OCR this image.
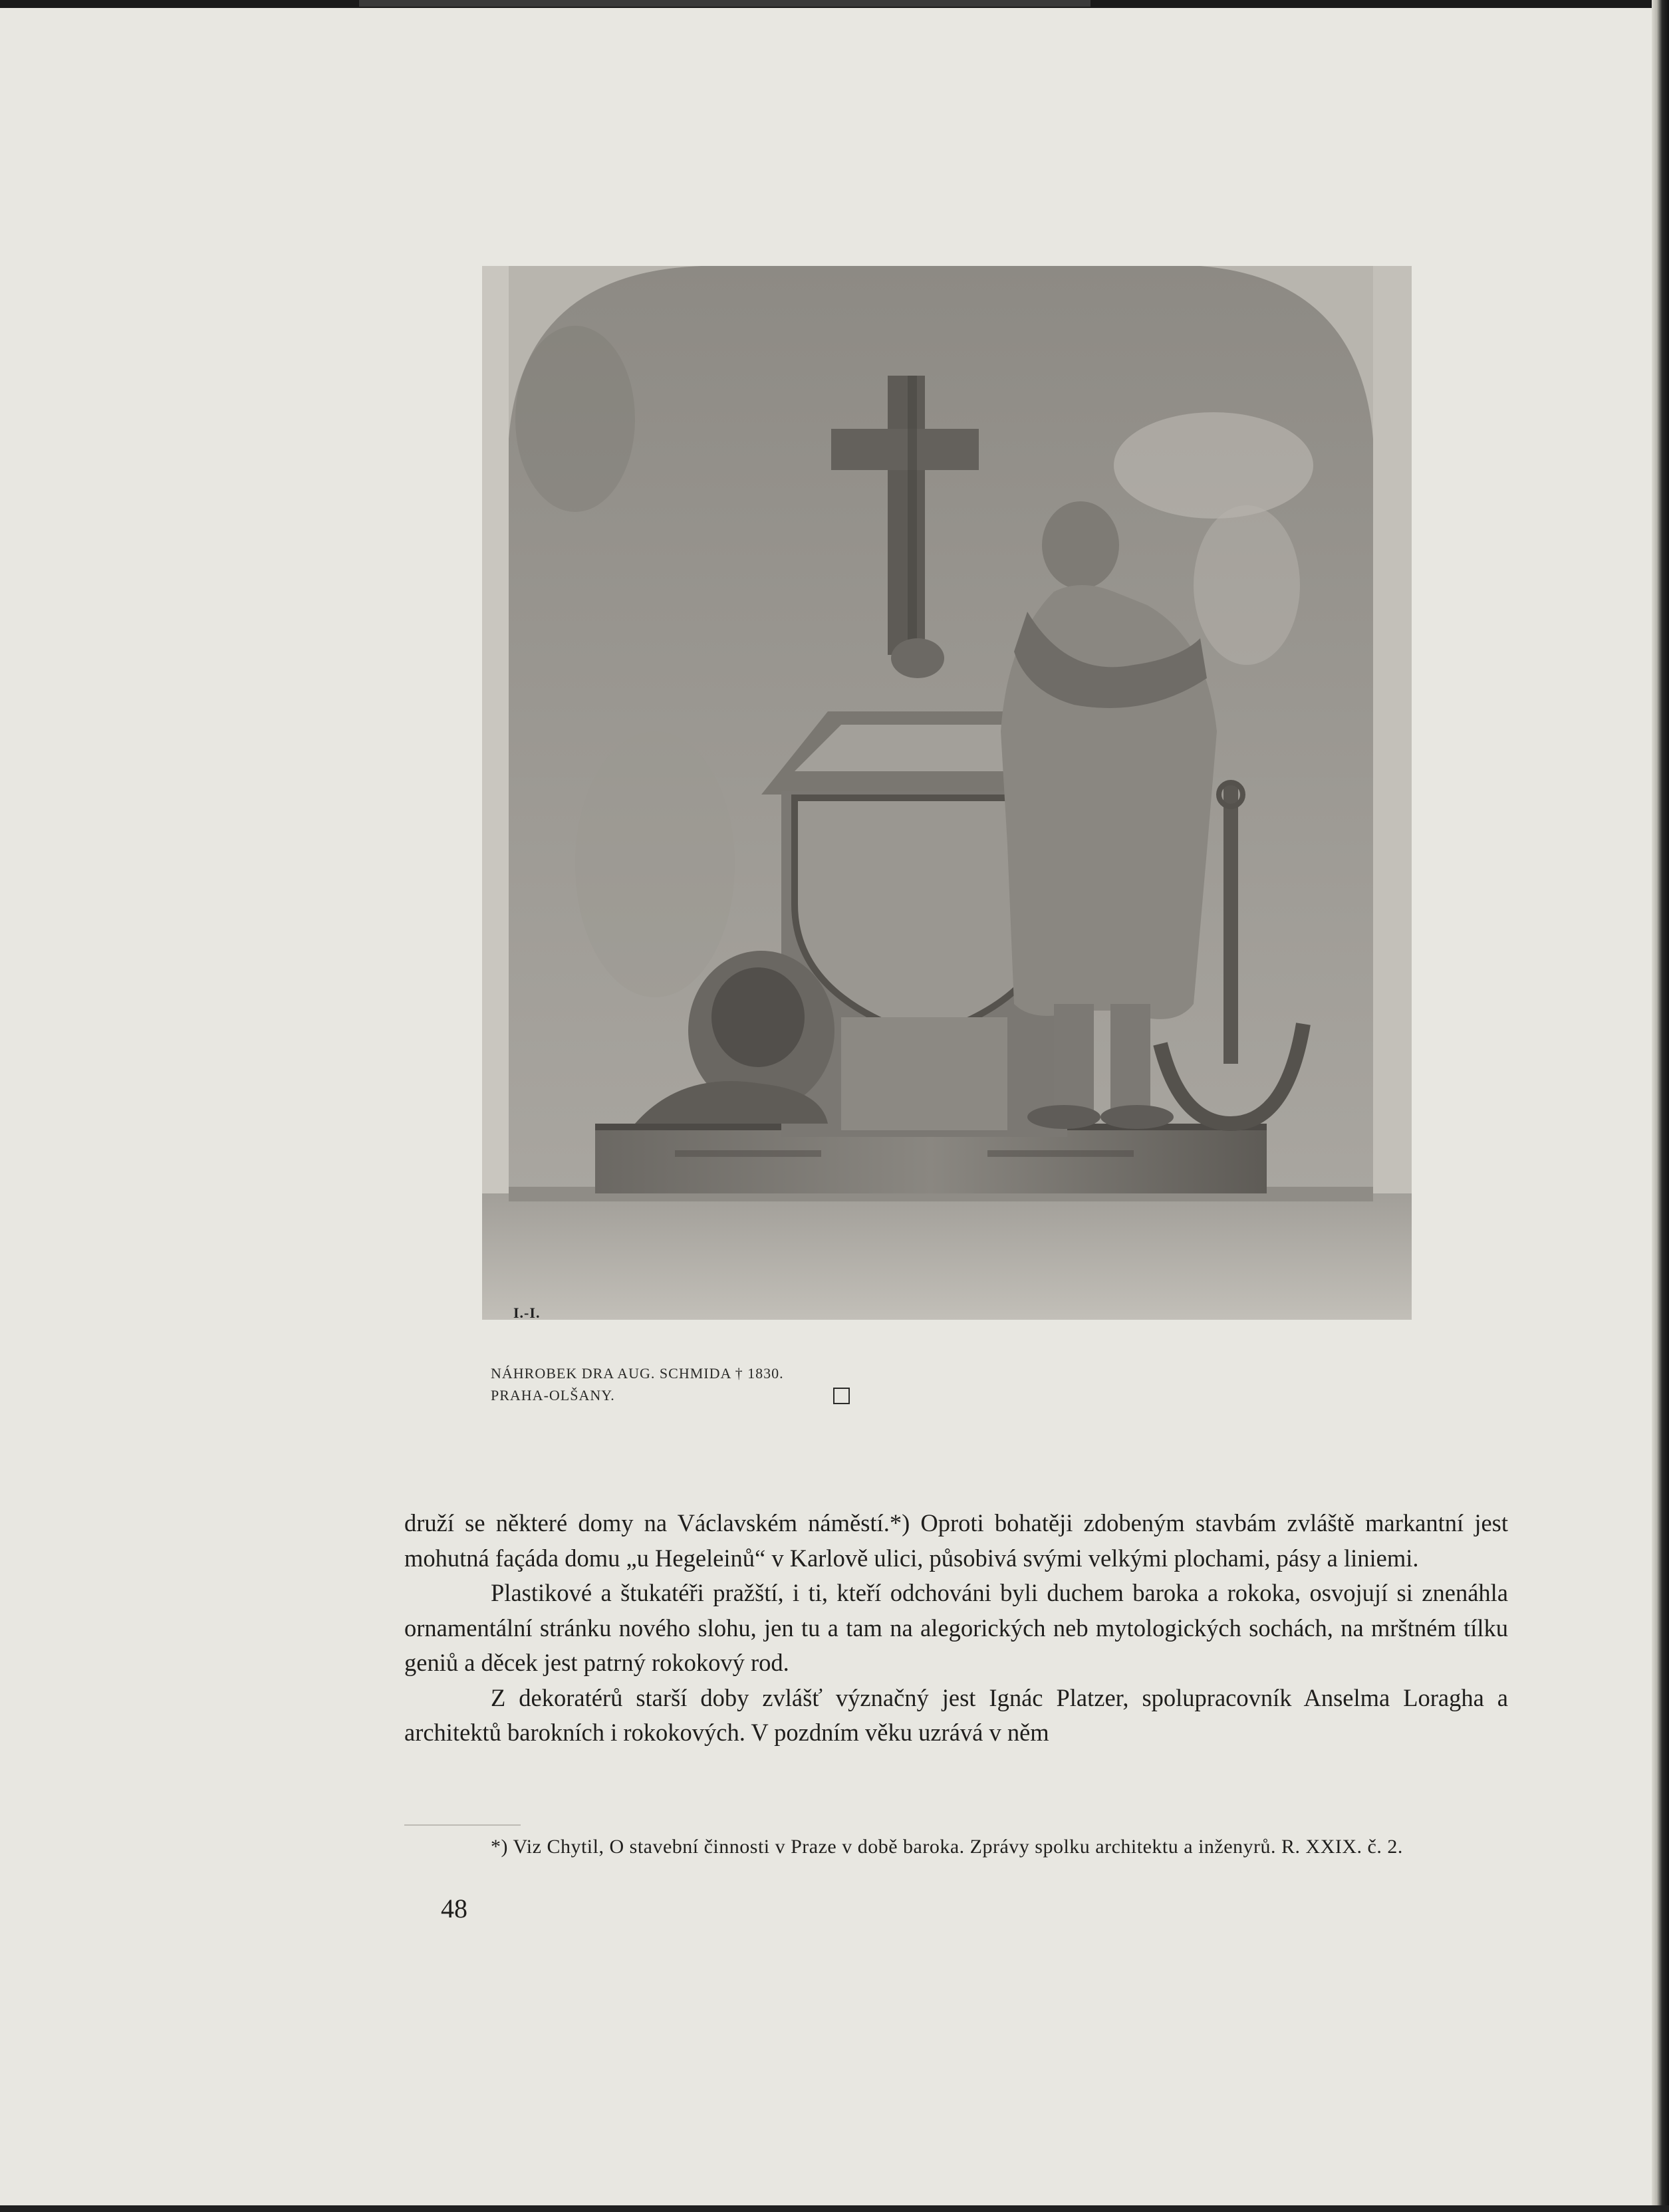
I.-I.
NÁHROBEK DRA AUG. SCHMIDA † 1830.
PRAHA-OLŠANY.

druží se některé domy na Václavském náměstí.*) Oproti bohatěji zdobeným stavbám zvláště markantní jest mohutná façáda domu „u Hegeleinů“ v Karlově ulici, působivá svými velkými plochami, pásy a liniemi.

Plastikové a štukatéři pražští, i ti, kteří odchováni byli duchem baroka a rokoka, osvojují si znenáhla ornamentální stránku nového slohu, jen tu a tam na alegorických neb mytologických sochách, na mrštném tílku geniů a děcek jest patrný rokokový rod.

Z dekoratérů starší doby zvlášť význačný jest Ignác Platzer, spolupracovník Anselma Loragha a architektů barokních i rokokových. V pozdním věku uzrává v něm

*) Viz Chytil, O stavební činnosti v Praze v době baroka. Zprávy spolku architektu a inženyrů. R. XXIX. č. 2.

48
